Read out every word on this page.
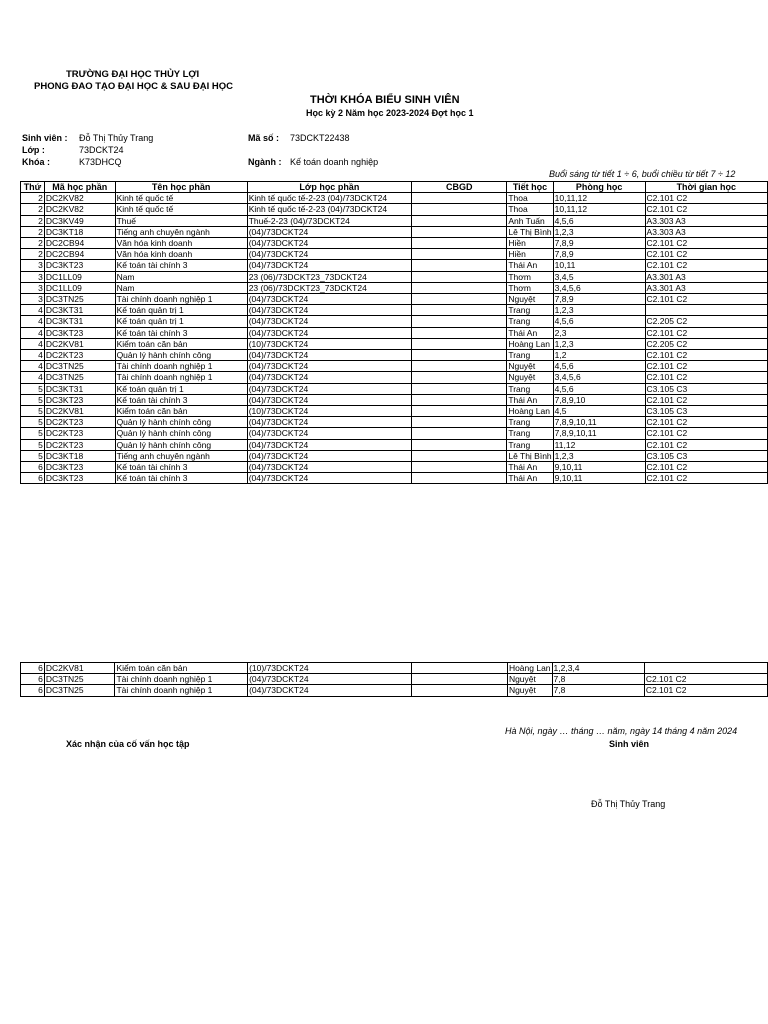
TRƯỜNG ĐẠI HỌC THỦY LỢI
PHONG ĐAO TẠO ĐẠI HỌC & SAU ĐẠI HỌC
THỜI KHÓA BIỂU SINH VIÊN
Học kỳ 2 Năm học 2023-2024 Đợt học 1
Sinh viên : Đỗ Thị Thủy Trang
Lớp :	73DCKT24
Khóa :	K73DHCQ
Mã số : 73DCKT22438
Ngành : Kế toán doanh nghiệp
Buổi sáng từ tiết 1 ÷ 6, buổi chiều từ tiết 7 ÷ 12
Thứ	Mã học phần	Tên học phần	Lớp học phần	CBGD	Tiết học	Phòng học	Thời gian học
2	DC2KV82	Kinh tế quốc tế	Kinh tế quốc tế-2-23 (04)/73DCKT24		Thoa	10,11,12	C2.101 C2
2	DC2KV82	Kinh tế quốc tế	Kinh tế quốc tế-2-23 (04)/73DCKT24		Thoa	10,11,12	C2.101 C2
2	DC3KV49	Thuế	Thuế-2-23 (04)/73DCKT24		Anh Tuấn	4,5,6	A3.303 A3
2	DC3KT18	Tiếng anh chuyên ngành	(04)/73DCKT24		Lê Thị Bình	1,2,3	A3.303 A3
2	DC2CB94	Văn hóa kinh doanh	(04)/73DCKT24		Hiền	7,8,9	C2.101 C2
2	DC2CB94	Văn hóa kinh doanh	(04)/73DCKT24		Hiền	7,8,9	C2.101 C2
3	DC3KT23	Kế toán tài chính 3	(04)/73DCKT24		Thái An	10,11	C2.101 C2
3	DC1LL09	Nam	23 (06)/73DCKT23_73DCKT24		Thơm	3,4,5	A3.301 A3
3	DC1LL09	Nam	23 (06)/73DCKT23_73DCKT24		Thơm	3,4,5,6	A3.301 A3
3	DC3TN25	Tài chính doanh nghiệp 1	(04)/73DCKT24		Nguyệt	7,8,9	C2.101 C2
4	DC3KT31	Kế toán quản trị 1	(04)/73DCKT24		Trang	1,2,3	
4	DC3KT31	Kế toán quản trị 1	(04)/73DCKT24		Trang	4,5,6	C2.205 C2
4	DC3KT23	Kế toán tài chính 3	(04)/73DCKT24		Thái An	2,3	C2.101 C2
4	DC2KV81	Kiểm toán căn bản	(10)/73DCKT24		Hoàng Lan	1,2,3	C2.205 C2
4	DC2KT23	Quản lý hành chính công	(04)/73DCKT24		Trang	1,2	C2.101 C2
4	DC3TN25	Tài chính doanh nghiệp 1	(04)/73DCKT24		Nguyệt	4,5,6	C2.101 C2
4	DC3TN25	Tài chính doanh nghiệp 1	(04)/73DCKT24		Nguyệt	3,4,5,6	C2.101 C2
5	DC3KT31	Kế toán quản trị 1	(04)/73DCKT24		Trang	4,5,6	C3.105 C3
5	DC3KT23	Kế toán tài chính 3	(04)/73DCKT24		Thái An	7,8,9,10	C2.101 C2
5	DC2KV81	Kiểm toán căn bản	(10)/73DCKT24		Hoàng Lan	4,5	C3.105 C3
5	DC2KT23	Quản lý hành chính công	(04)/73DCKT24		Trang	7,8,9,10,11	C2.101 C2
5	DC2KT23	Quản lý hành chính công	(04)/73DCKT24		Trang	7,8,9,10,11	C2.101 C2
5	DC2KT23	Quản lý hành chính công	(04)/73DCKT24		Trang	11,12	C2.101 C2
5	DC3KT18	Tiếng anh chuyên ngành	(04)/73DCKT24		Lê Thị Bình	1,2,3	C3.105 C3
6	DC3KT23	Kế toán tài chính 3	(04)/73DCKT24		Thái An	9,10,11	C2.101 C2
6	DC3KT23	Kế toán tài chính 3	(04)/73DCKT24		Thái An	9,10,11	C2.101 C2
6	DC2KV81	Kiểm toán căn bản	(10)/73DCKT24		Hoàng Lan	1,2,3,4	
6	DC3TN25	Tài chính doanh nghiệp 1	(04)/73DCKT24		Nguyệt	7,8	C2.101 C2
6	DC3TN25	Tài chính doanh nghiệp 1	(04)/73DCKT24		Nguyệt	7,8	C2.101 C2
Hà Nội, ngày … tháng … năm, ngày 14 tháng 4 năm 2024
Xác nhận của cố vấn học tập	Sinh viên
Đỗ Thị Thủy Trang
